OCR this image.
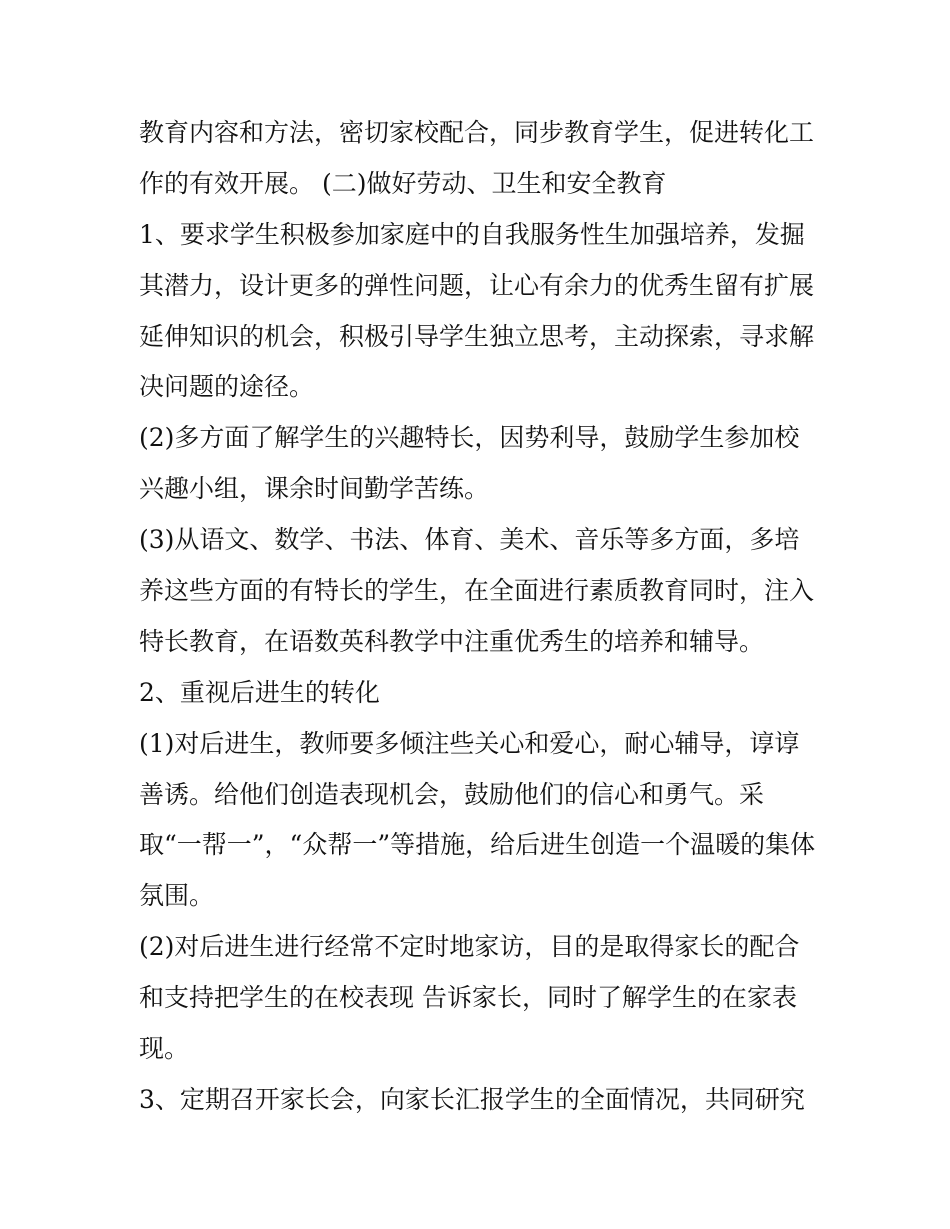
教育内容和方法，密切家校配合，同步教育学生，促进转化工
作的有效开展。 (二)做好劳动、卫生和安全教育
1、要求学生积极参加家庭中的自我服务性生加强培养，发掘
其潜力，设计更多的弹性问题，让心有余力的优秀生留有扩展
延伸知识的机会，积极引导学生独立思考，主动探索，寻求解
决问题的途径。
(2)多方面了解学生的兴趣特长，因势利导，鼓励学生参加校
兴趣小组，课余时间勤学苦练。
(3)从语文、数学、书法、体育、美术、音乐等多方面，多培
养这些方面的有特长的学生，在全面进行素质教育同时，注入
特长教育，在语数英科教学中注重优秀生的培养和辅导。
2、重视后进生的转化
(1)对后进生，教师要多倾注些关心和爱心，耐心辅导，谆谆
善诱。给他们创造表现机会，鼓励他们的信心和勇气。采
取“一帮一”，“众帮一”等措施，给后进生创造一个温暖的集体
氛围。
(2)对后进生进行经常不定时地家访，目的是取得家长的配合
和支持把学生的在校表现 告诉家长，同时了解学生的在家表
现。
3、定期召开家长会，向家长汇报学生的全面情况，共同研究
